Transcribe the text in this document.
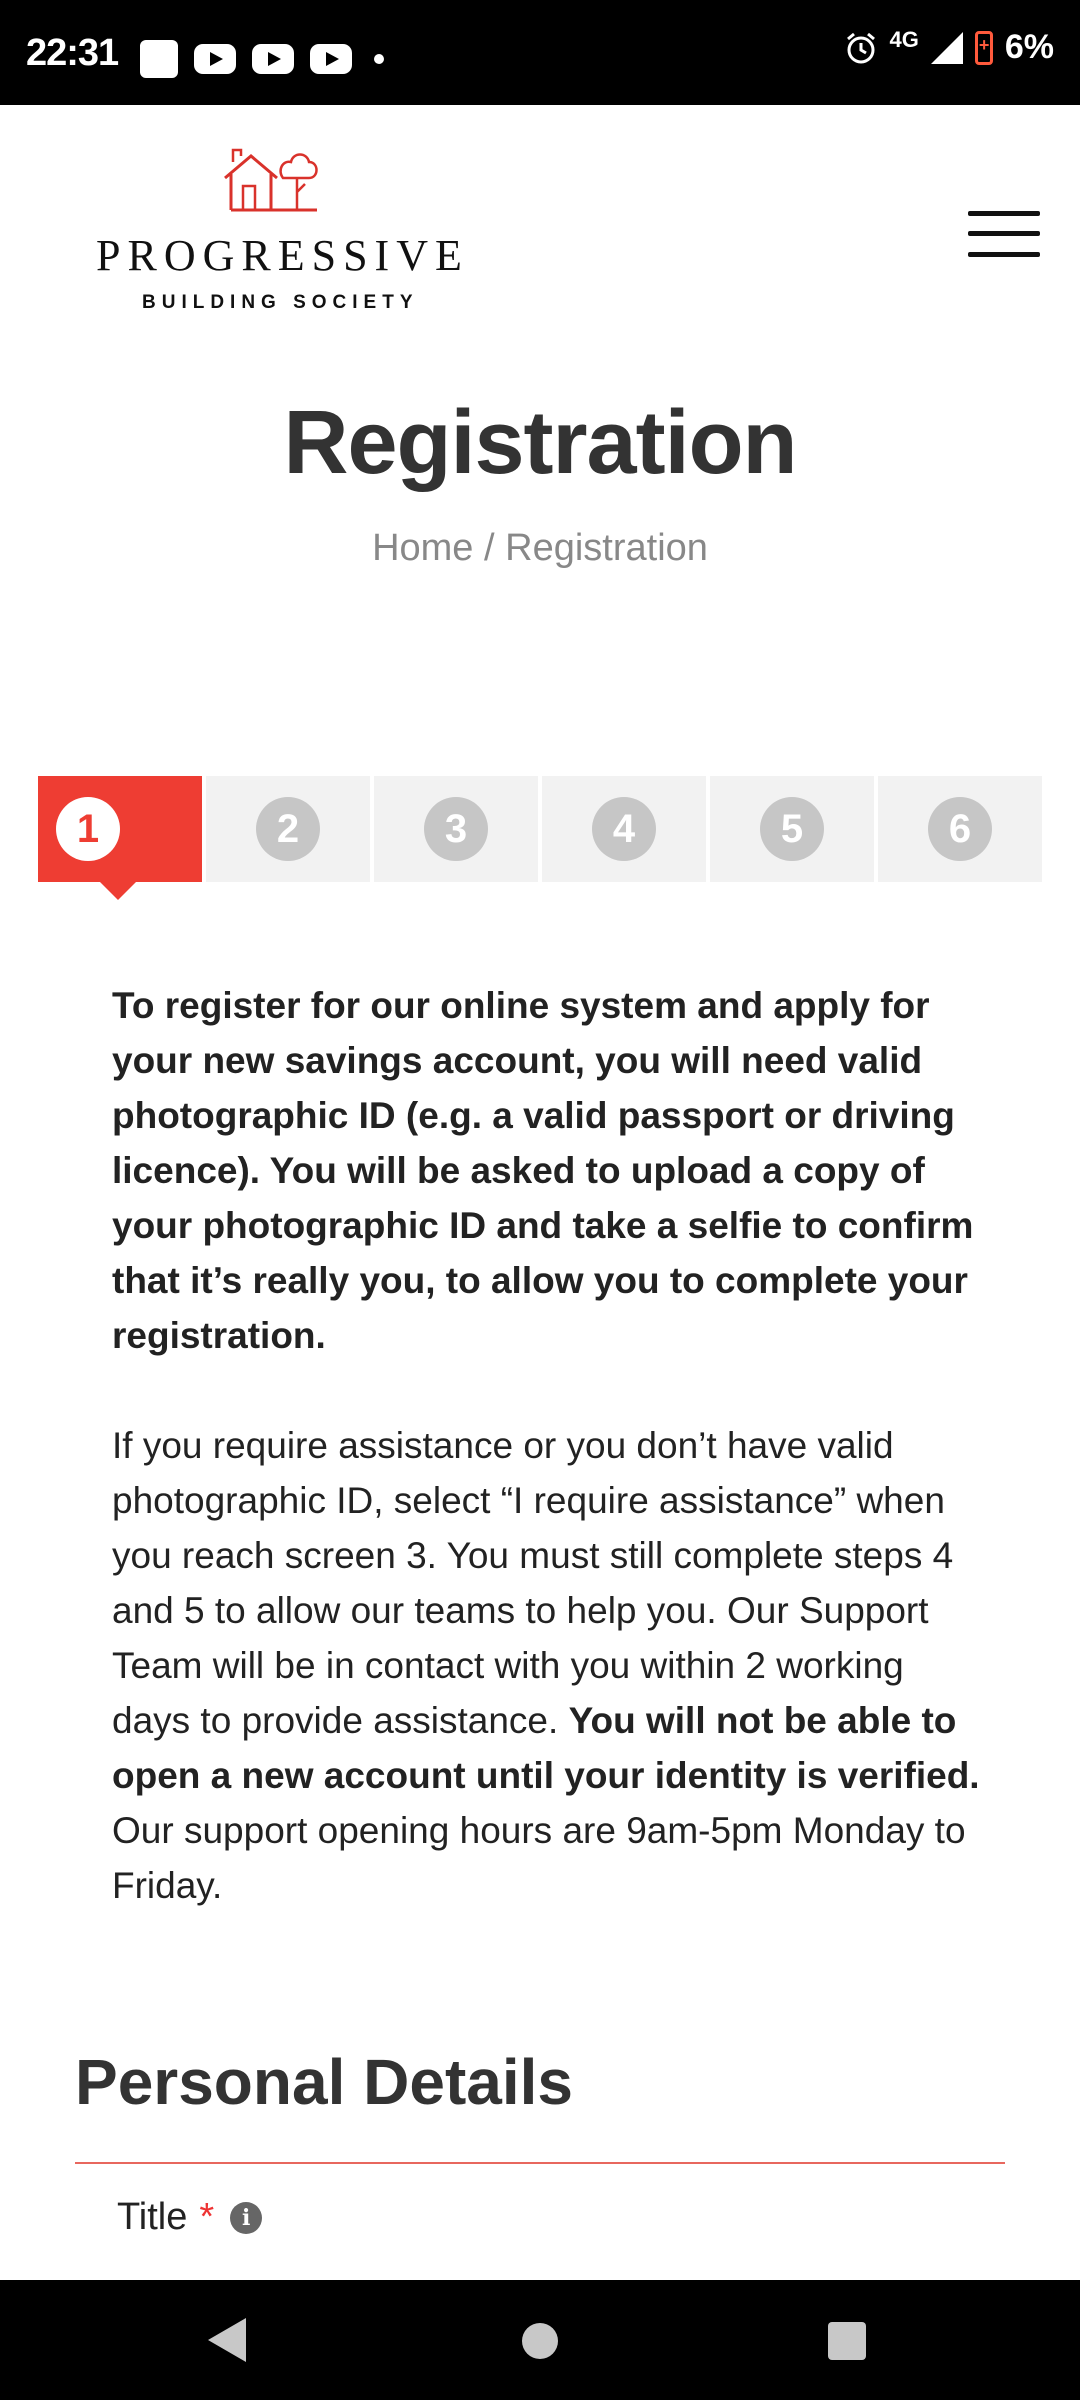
22:31	4G
+	6%
PROGRESSIVE
BUILDING SOCIETY
Registration
Home / Registration
1	2	3	4	5	6

To register for our online system and apply for your new savings account, you will need valid photographic ID (e.g. a valid passport or driving licence). You will be asked to upload a copy of your photographic ID and take a selfie to confirm that it’s really you, to allow you to complete your registration.

If you require assistance or you don’t have valid photographic ID, select “I require assistance” when you reach screen 3. You must still complete steps 4 and 5 to allow our teams to help you. Our Support Team will be in contact with you within 2 working days to provide assistance. You will not be able to open a new account until your identity is verified. Our support opening hours are 9am-5pm Monday to Friday.

Personal Details
Title *	i
